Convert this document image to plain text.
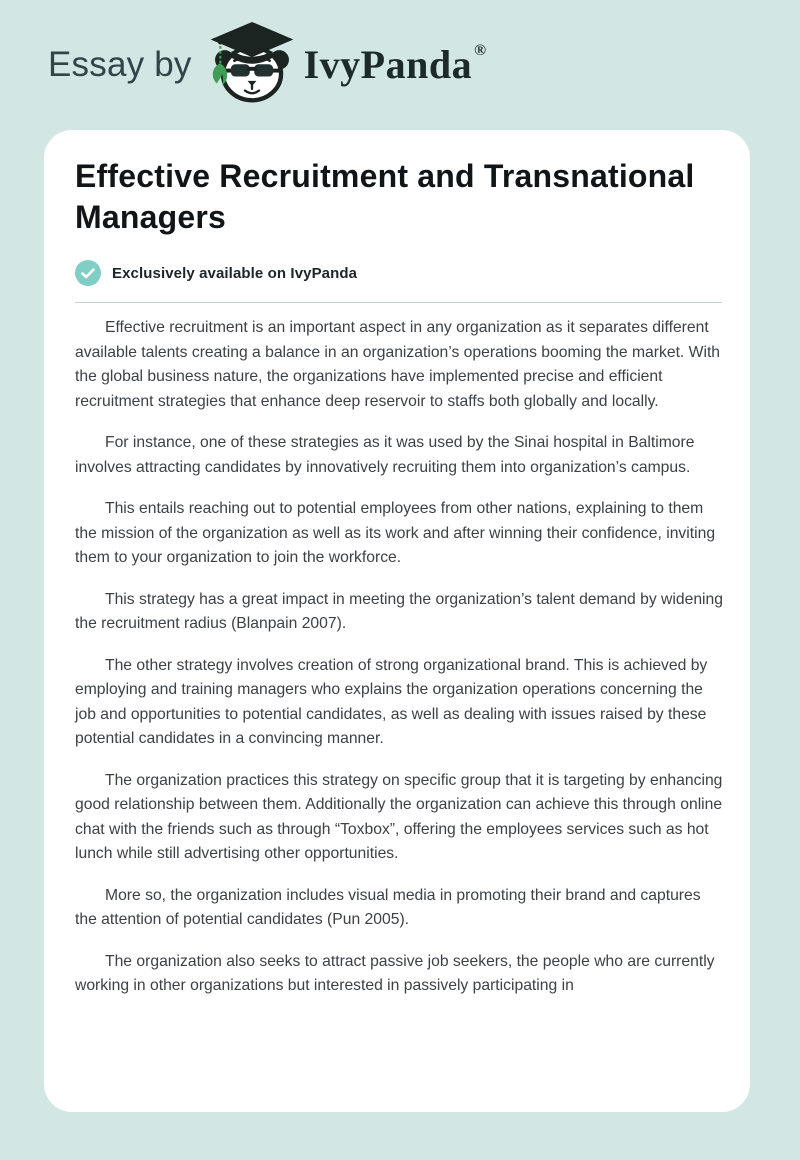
Essay by	IvyPanda ®
Effective Recruitment and Transnational Managers
Exclusively available on IvyPanda

Effective recruitment is an important aspect in any organization as it separates different available talents creating a balance in an organization’s operations booming the market. With the global business nature, the organizations have implemented precise and efficient recruitment strategies that enhance deep reservoir to staffs both globally and locally.

For instance, one of these strategies as it was used by the Sinai hospital in Baltimore involves attracting candidates by innovatively recruiting them into organization’s campus.

This entails reaching out to potential employees from other nations, explaining to them the mission of the organization as well as its work and after winning their confidence, inviting them to your organization to join the workforce.

This strategy has a great impact in meeting the organization’s talent demand by widening the recruitment radius (Blanpain 2007).

The other strategy involves creation of strong organizational brand. This is achieved by employing and training managers who explains the organization operations concerning the job and opportunities to potential candidates, as well as dealing with issues raised by these potential candidates in a convincing manner.

The organization practices this strategy on specific group that it is targeting by enhancing good relationship between them. Additionally the organization can achieve this through online chat with the friends such as through “Toxbox”, offering the employees services such as hot lunch while still advertising other opportunities.

More so, the organization includes visual media in promoting their brand and captures the attention of potential candidates (Pun 2005).

The organization also seeks to attract passive job seekers, the people who are currently working in other organizations but interested in passively participating in
